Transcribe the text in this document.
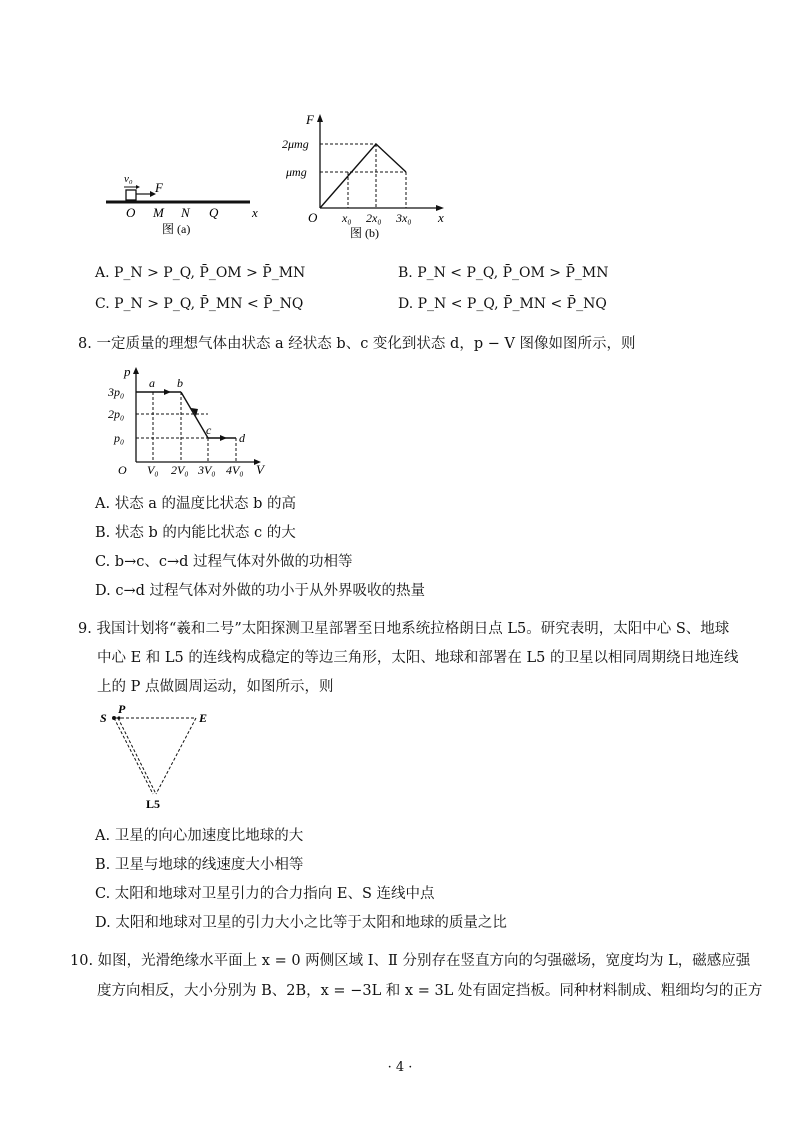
v₀
F
O M N Q	x
图 (a)
F
2μmg
μmg
O x₀ 2x₀ 3x₀ x
图 (b)
A. P_N > P_Q, P̄_OM > P̄_MN	B. P_N < P_Q, P̄_OM > P̄_MN
C. P_N > P_Q, P̄_MN < P̄_NQ	D. P_N < P_Q, P̄_MN < P̄_NQ
8. 一定质量的理想气体由状态 a 经状态 b、c 变化到状态 d，p − V 图像如图所示，则
p
3p₀
2p₀
p₀
O V₀ 2V₀ 3V₀ 4V₀ V
a b
c
d
A. 状态 a 的温度比状态 b 的高
B. 状态 b 的内能比状态 c 的大
C. b→c、c→d 过程气体对外做的功相等
D. c→d 过程气体对外做的功小于从外界吸收的热量
9. 我国计划将“羲和二号”太阳探测卫星部署至日地系统拉格朗日点 L5。研究表明，太阳中心 S、地球
中心 E 和 L5 的连线构成稳定的等边三角形，太阳、地球和部署在 L5 的卫星以相同周期绕日地连线
上的 P 点做圆周运动，如图所示，则
S
P
E
L5
A. 卫星的向心加速度比地球的大
B. 卫星与地球的线速度大小相等
C. 太阳和地球对卫星引力的合力指向 E、S 连线中点
D. 太阳和地球对卫星的引力大小之比等于太阳和地球的质量之比
10. 如图，光滑绝缘水平面上 x = 0 两侧区域 Ⅰ、Ⅱ 分别存在竖直方向的匀强磁场，宽度均为 L，磁感应强
度方向相反，大小分别为 B、2B，x = −3L 和 x = 3L 处有固定挡板。同种材料制成、粗细均匀的正方
· 4 ·
